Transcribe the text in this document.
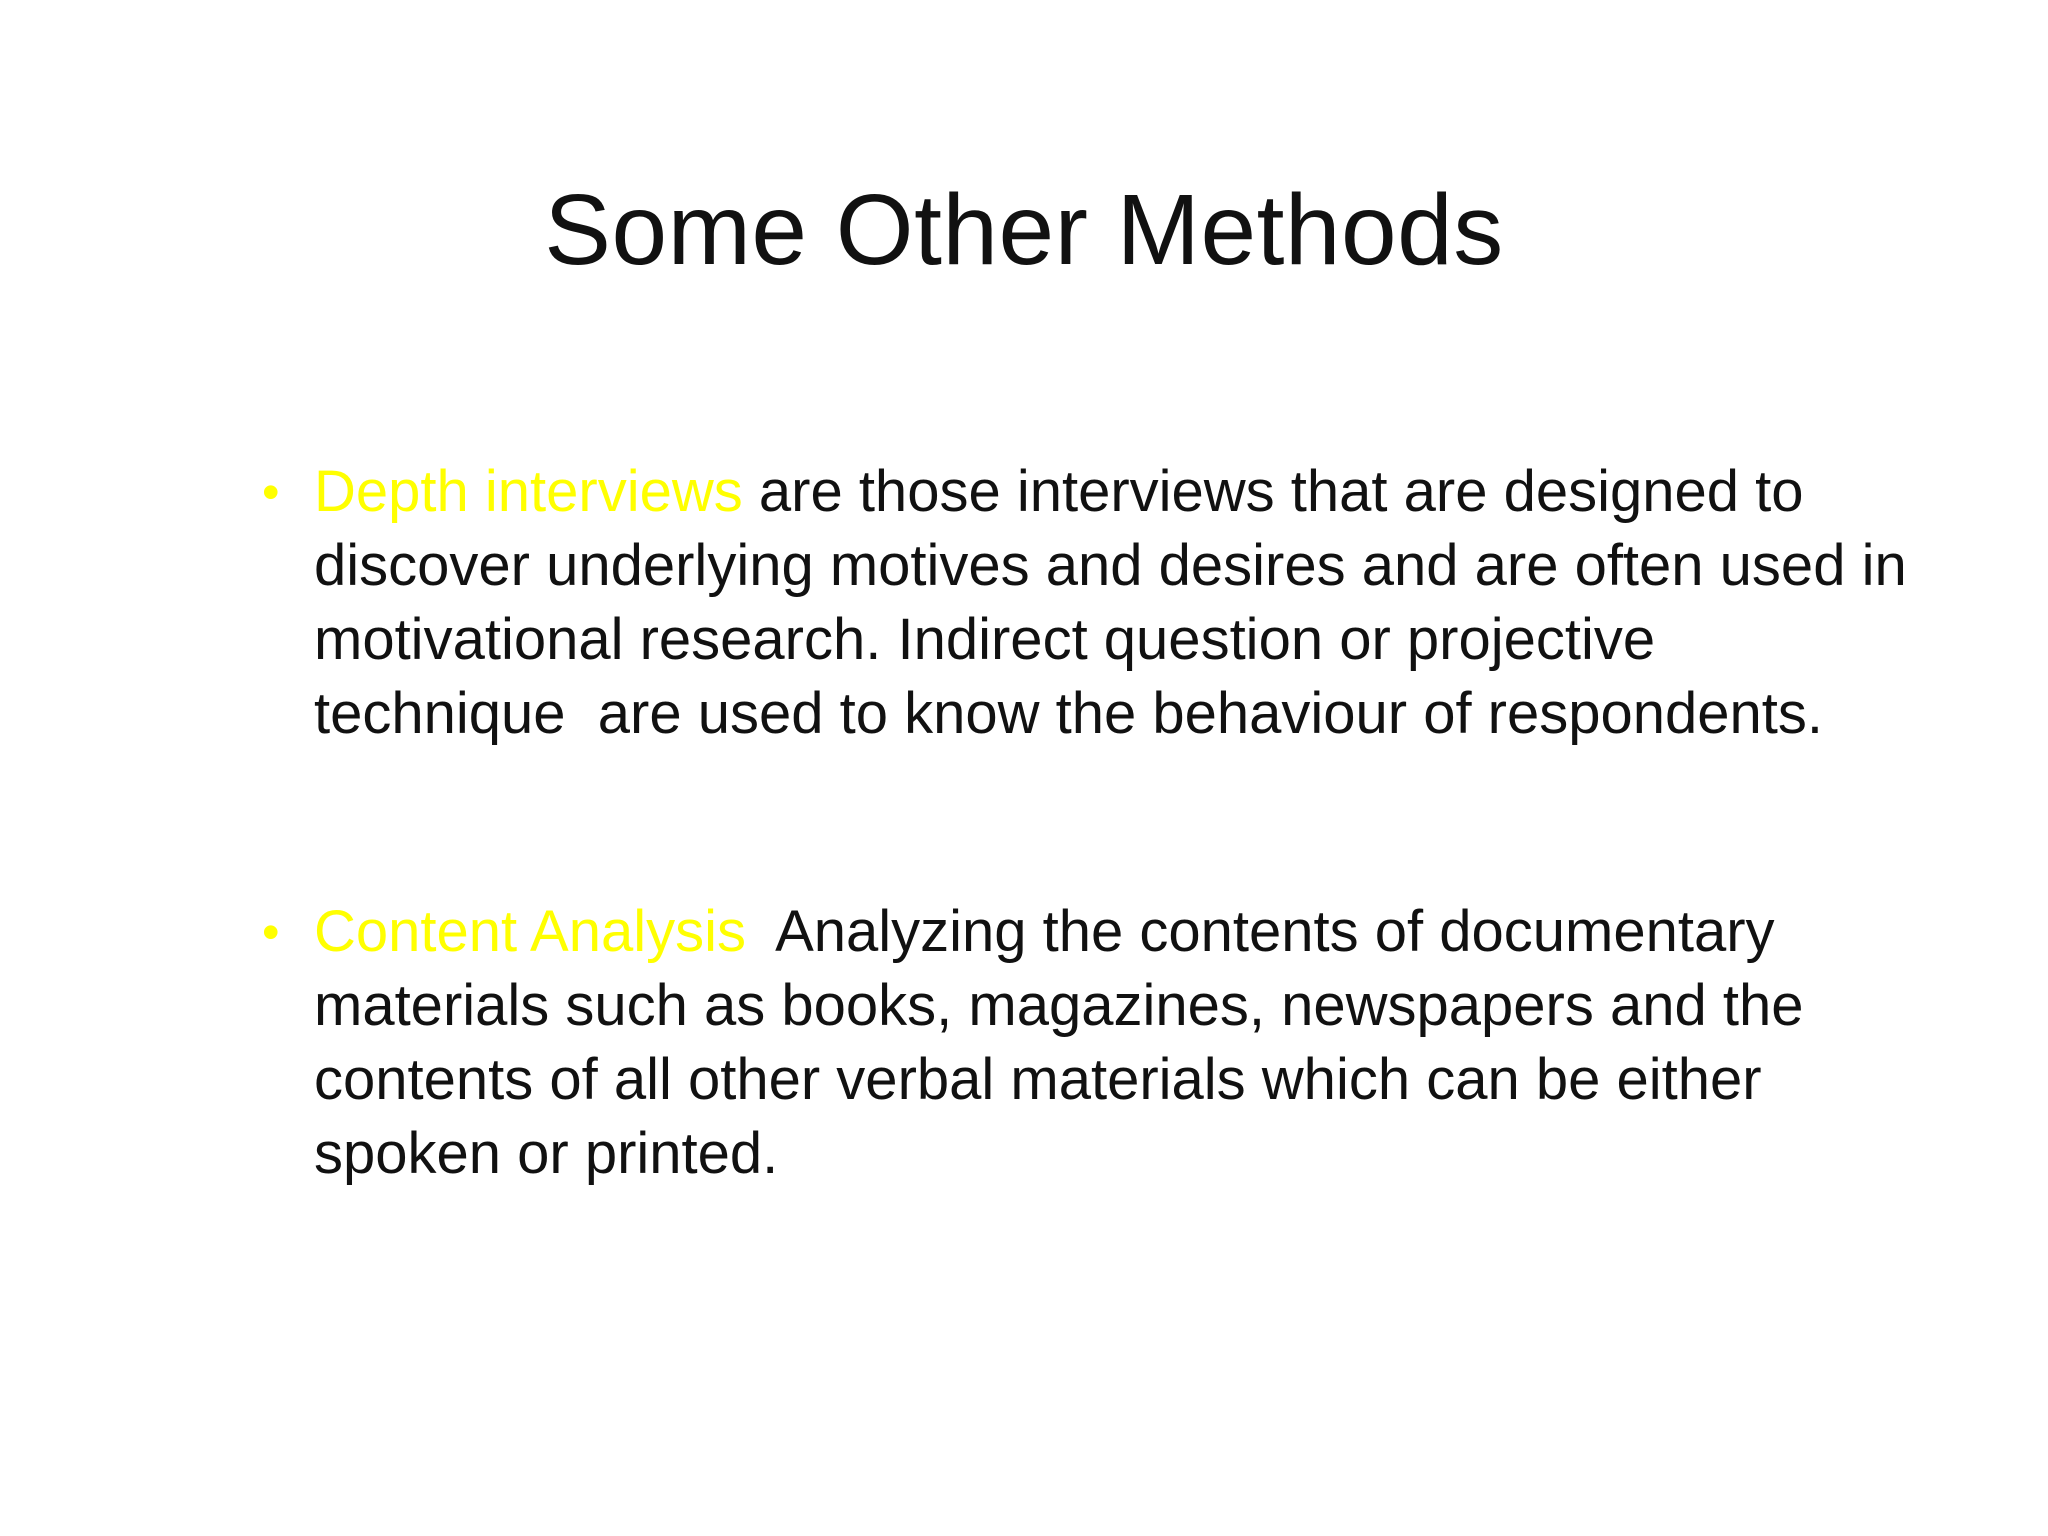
Some Other Methods
• Depth interviews are those interviews that are designed to discover underlying motives and desires and are often used in motivational research. Indirect question or projective technique  are used to know the behaviour of respondents.
• Content Analysis Analyzing the contents of documentary materials such as books, magazines, newspapers and the contents of all other verbal materials which can be either spoken or printed.
